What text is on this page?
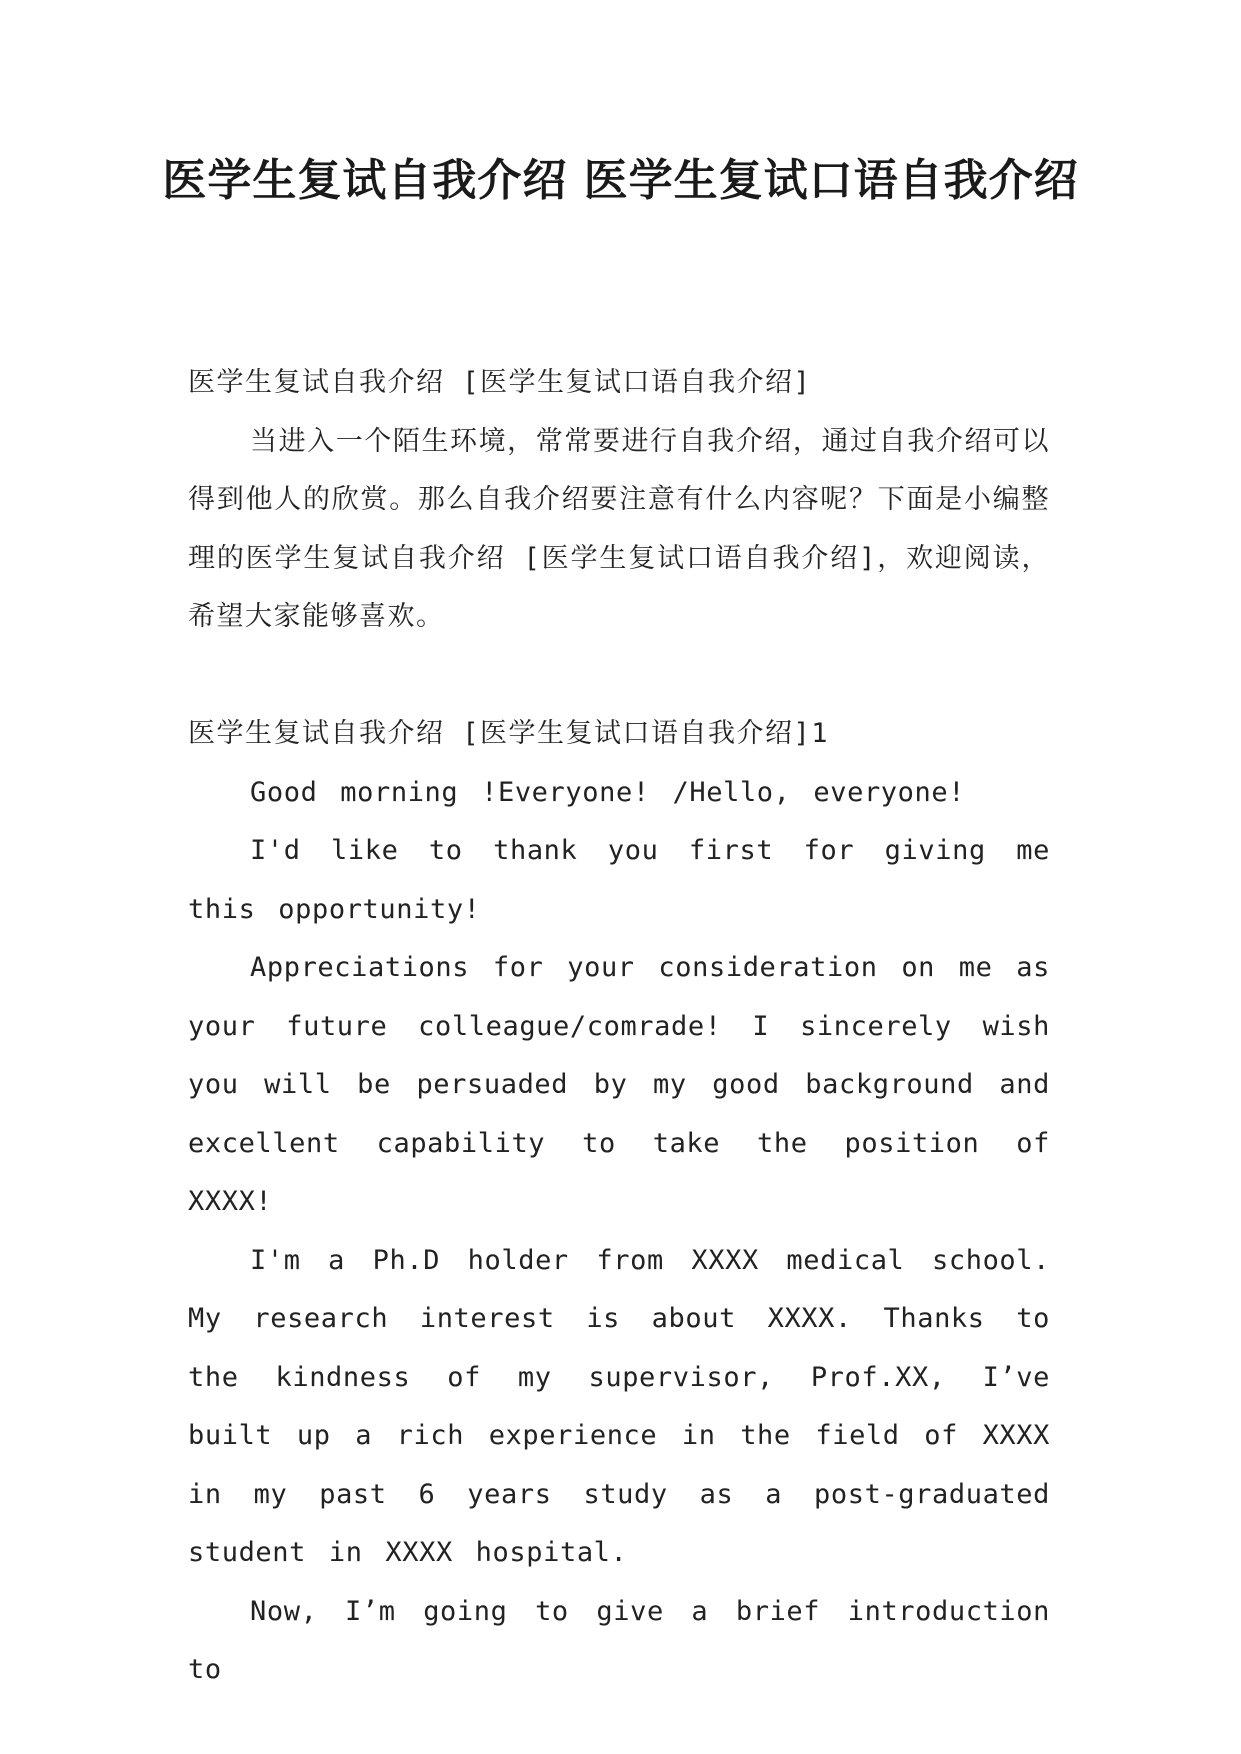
医学生复试自我介绍 医学生复试口语自我介绍

医学生复试自我介绍 [医学生复试口语自我介绍]

当进入一个陌生环境，常常要进行自我介绍，通过自我介绍可以得到他人的欣赏。那么自我介绍要注意有什么内容呢？下面是小编整理的医学生复试自我介绍 [医学生复试口语自我介绍]，欢迎阅读，希望大家能够喜欢。

医学生复试自我介绍 [医学生复试口语自我介绍]1

Good morning !Everyone! /Hello, everyone!

I'd like to thank you first for giving me this opportunity!

Appreciations for your consideration on me as your future colleague/comrade! I sincerely wish you will be persuaded by my good background and excellent capability to take the position of XXXX!

I'm a Ph.D holder from XXXX medical school. My research interest is about XXXX. Thanks to the kindness of my supervisor, Prof.XX, I’ve built up a rich experience in the field of XXXX in my past 6 years study as a post-graduated student in XXXX hospital.

Now, I’m going to give a brief introduction to
